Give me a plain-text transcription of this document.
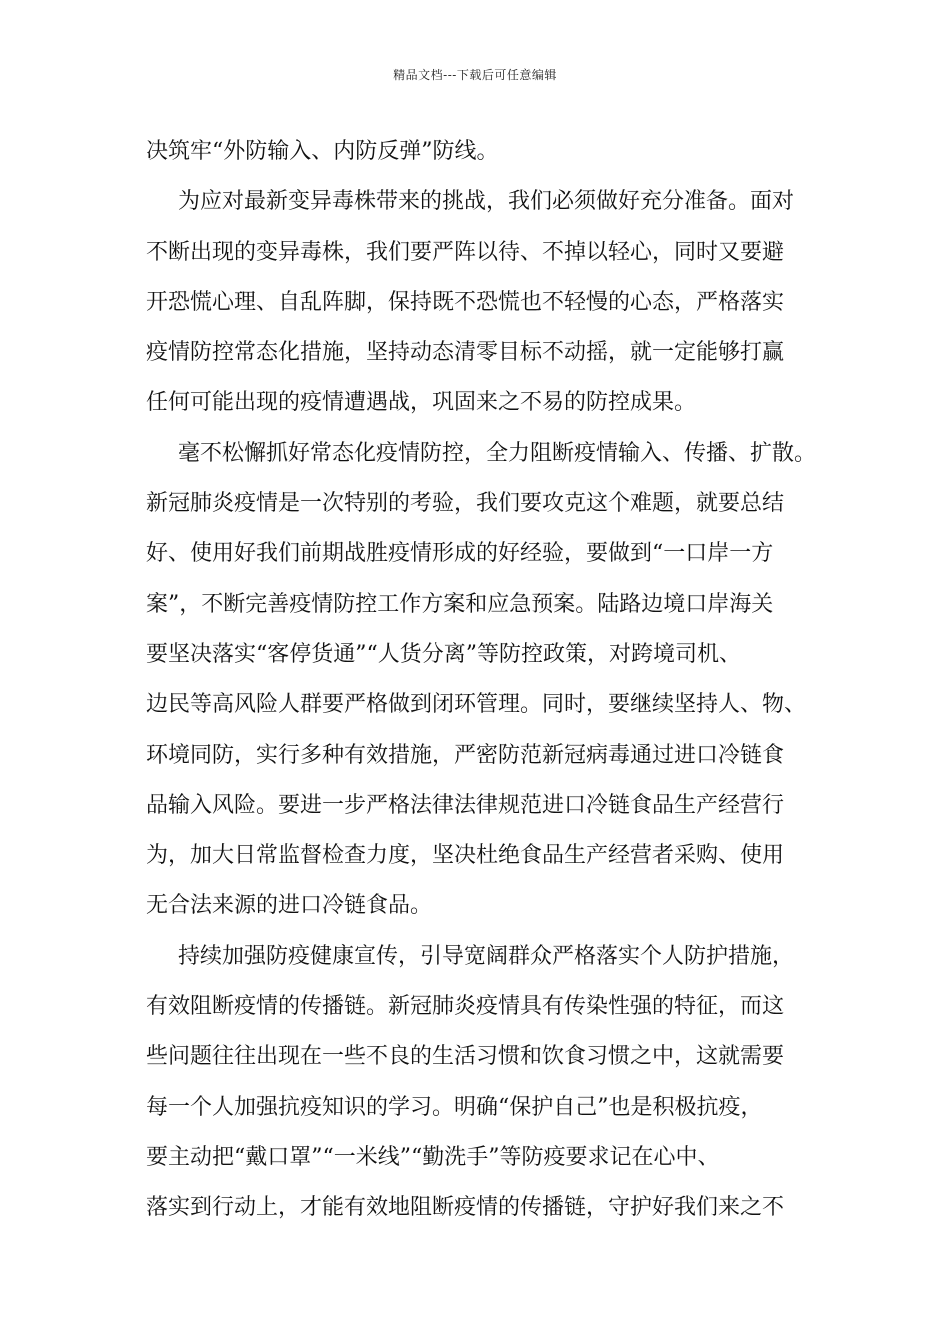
精品文档---下载后可任意编辑

决筑牢“外防输入、内防反弹”防线。

为应对最新变异毒株带来的挑战，我们必须做好充分准备。面对
不断出现的变异毒株，我们要严阵以待、不掉以轻心，同时又要避
开恐慌心理、自乱阵脚，保持既不恐慌也不轻慢的心态，严格落实
疫情防控常态化措施，坚持动态清零目标不动摇，就一定能够打赢
任何可能出现的疫情遭遇战，巩固来之不易的防控成果。

毫不松懈抓好常态化疫情防控，全力阻断疫情输入、传播、扩散。
新冠肺炎疫情是一次特别的考验，我们要攻克这个难题，就要总结
好、使用好我们前期战胜疫情形成的好经验，要做到“一口岸一方
案”，不断完善疫情防控工作方案和应急预案。陆路边境口岸海关
要坚决落实“客停货通”“人货分离”等防控政策，对跨境司机、
边民等高风险人群要严格做到闭环管理。同时，要继续坚持人、物、
环境同防，实行多种有效措施，严密防范新冠病毒通过进口冷链食
品输入风险。要进一步严格法律法律规范进口冷链食品生产经营行
为，加大日常监督检查力度，坚决杜绝食品生产经营者采购、使用
无合法来源的进口冷链食品。

持续加强防疫健康宣传，引导宽阔群众严格落实个人防护措施，
有效阻断疫情的传播链。新冠肺炎疫情具有传染性强的特征，而这
些问题往往出现在一些不良的生活习惯和饮食习惯之中，这就需要
每一个人加强抗疫知识的学习。明确“保护自己”也是积极抗疫，
要主动把“戴口罩”“一米线”“勤洗手”等防疫要求记在心中、
落实到行动上，才能有效地阻断疫情的传播链，守护好我们来之不
